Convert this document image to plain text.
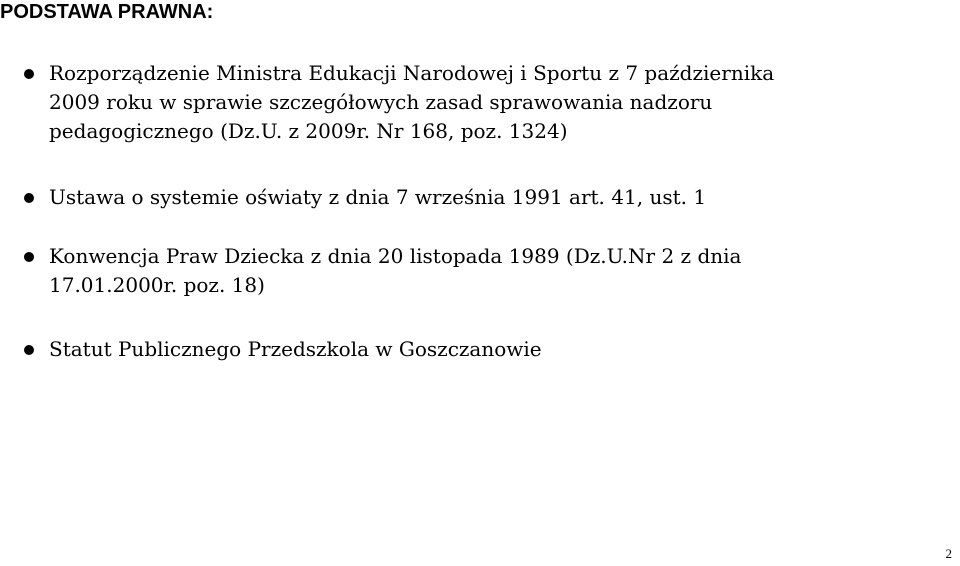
PODSTAWA PRAWNA:

Rozporządzenie Ministra Edukacji Narodowej i Sportu z 7 października
2009 roku w sprawie szczegółowych zasad sprawowania nadzoru
pedagogicznego (Dz.U. z 2009r. Nr 168, poz. 1324)

Ustawa o systemie oświaty z dnia 7 września 1991 art. 41, ust. 1

Konwencja Praw Dziecka z dnia 20 listopada 1989 (Dz.U.Nr 2 z dnia
17.01.2000r. poz. 18)

Statut Publicznego Przedszkola w Goszczanowie

2
